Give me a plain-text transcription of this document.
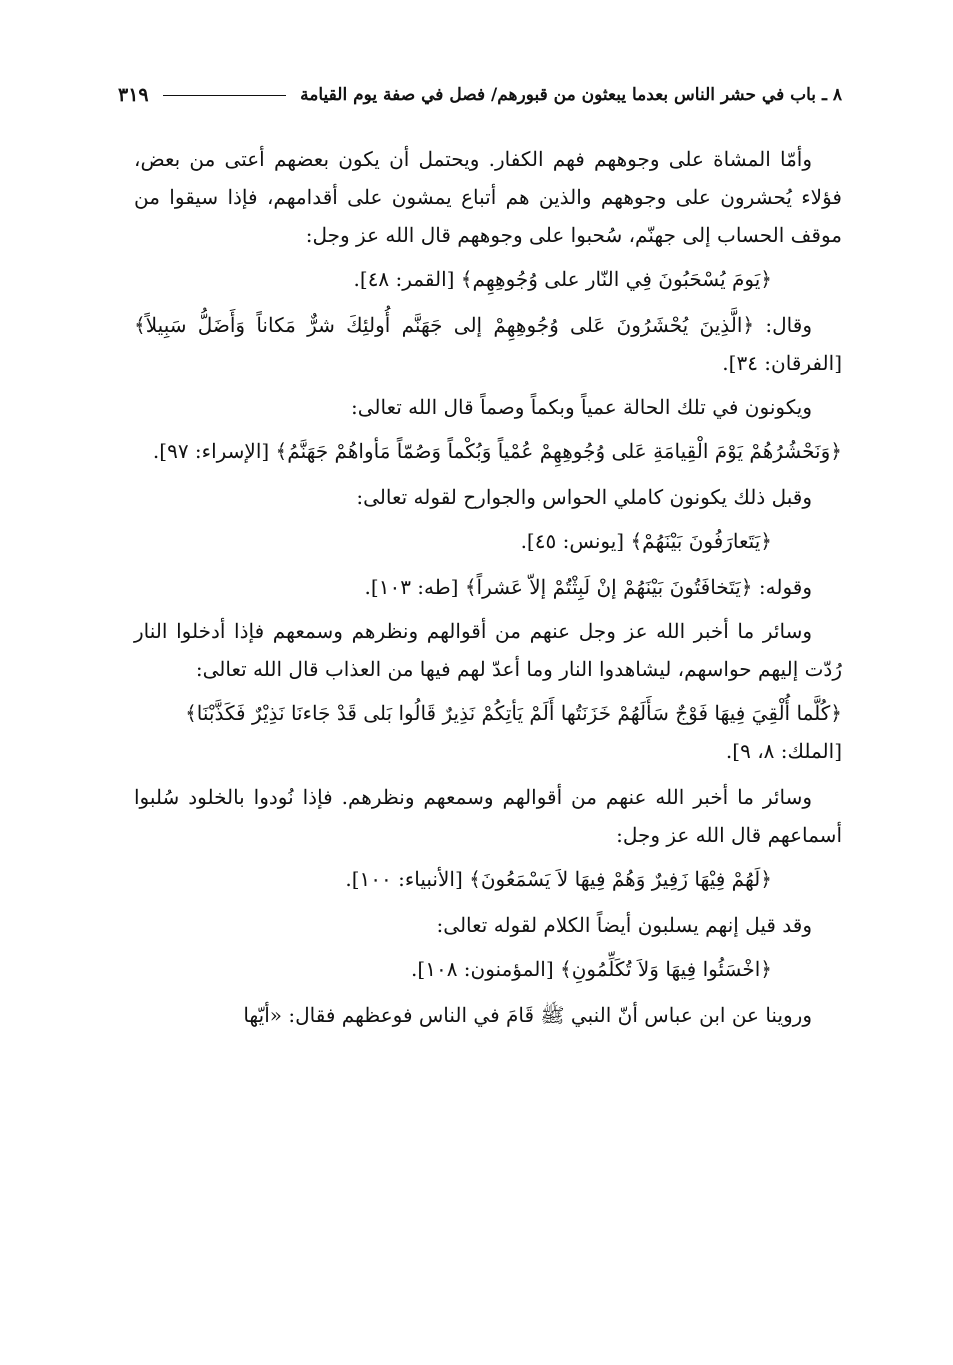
٨ ـ باب في حشر الناس بعدما يبعثون من قبورهم/ فصل في صفة يوم القيامة
٣١٩

وأمّا المشاة على وجوههم فهم الكفار. ويحتمل أن يكون بعضهم أعتى من بعض، فؤلاء يُحشرون على وجوههم والذين هم أتباع يمشون على أقدامهم، فإذا سيقوا من موقف الحساب إلى جهنّم، سُحبوا على وجوههم قال الله عز وجل:

﴿يَومَ يُسْحَبُونَ فِي النّار على وُجُوهِهِم﴾ [القمر: ٤٨].

وقال: ﴿الَّذِينَ يُحْشَرُونَ عَلى وُجُوهِهِمْ إلى جَهَنَّم أُولئِكَ شرٌّ مَكاناً وَأَضَلُّ سَبِيلاً﴾ [الفرقان: ٣٤].

ويكونون في تلك الحالة عمياً وبكماً وصماً قال الله تعالى:

﴿وَنَحْشُرُهُمْ يَوْمَ الْقِيامَةِ عَلى وُجُوهِهِمْ عُمْياً وَبُكْماً وَصُمّاً مَأواهُمْ جَهَنَّمُ﴾ [الإسراء: ٩٧].

وقبل ذلك يكونون كاملي الحواس والجوارح لقوله تعالى:

﴿يَتَعارَفُونَ بَيْنَهُمْ﴾ [يونس: ٤٥].

وقوله: ﴿يَتَخافَتُونَ بَيْنَهُمْ إنْ لَبِثْتُمْ إلاّ عَشراً﴾ [طه: ١٠٣].

وسائر ما أخبر الله عز وجل عنهم من أقوالهم ونظرهم وسمعهم فإذا أدخلوا النار رُدّت إليهم حواسهم، ليشاهدوا النار وما أعدّ لهم فيها من العذاب قال الله تعالى:

﴿كُلَّما أُلْقِيَ فِيهَا فَوْجٌ سَأَلَهُمْ خَزَنَتُها أَلَمْ يَأتِكُمْ نَذِيرٌ قَالُوا بَلى قَدْ جَاءنَا نَذِيْرٌ فَكَذَّبْنَا﴾ [الملك: ٨، ٩].

وسائر ما أخبر الله عنهم من أقوالهم وسمعهم ونظرهم. فإذا نُودوا بالخلود سُلبوا أسماعهم قال الله عز وجل:

﴿لَهُمْ فِيْهَا زَفِيرٌ وَهُمْ فِيهَا لاَ يَسْمَعُونَ﴾ [الأنبياء: ١٠٠].

وقد قيل إنهم يسلبون أيضاً الكلام لقوله تعالى:

﴿اخْسَئُوا فِيهَا وَلاَ تُكَلِّمُونِ﴾ [المؤمنون: ١٠٨].

وروينا عن ابن عباس أنّ النبي ﷺ قَامَ في الناس فوعظهم فقال: «أيّها
